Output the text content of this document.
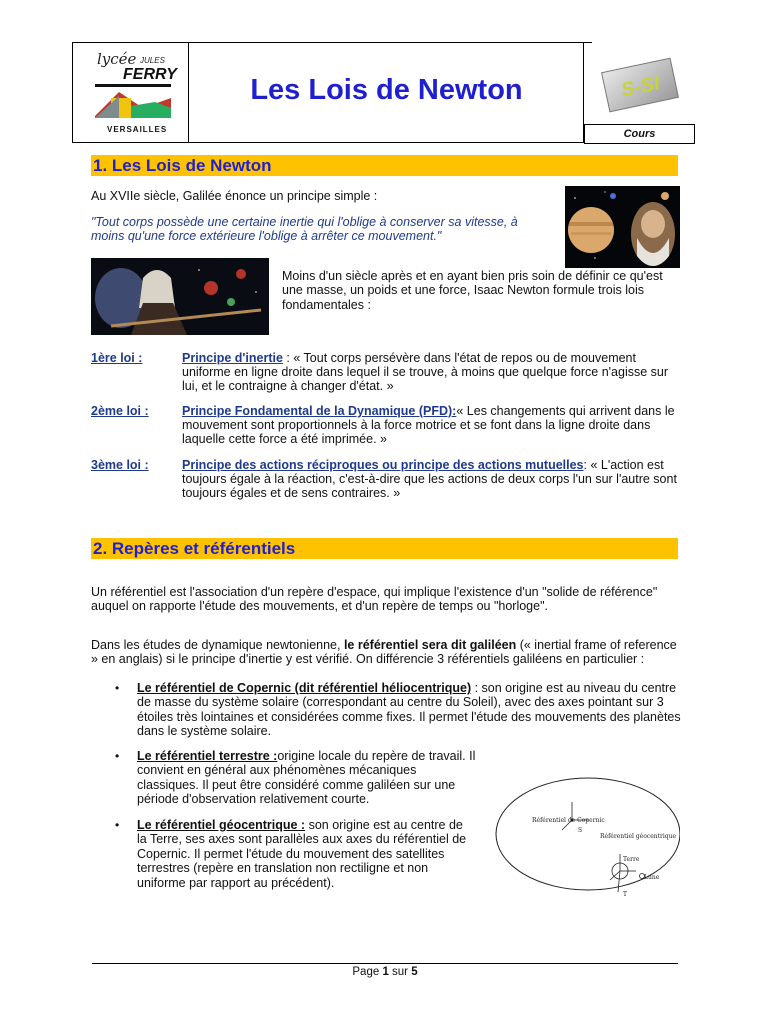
lycée JULES
FERRY
VERSAILLES
Les Lois de Newton	S-SI
Cours
1. Les Lois de Newton
Au XVIIe siècle, Galilée énonce un principe simple :
"Tout corps possède une certaine inertie qui l'oblige à conserver sa vitesse, à moins qu'une force extérieure l'oblige à arrêter ce mouvement."
Moins d'un siècle après et en ayant bien pris soin de définir ce qu'est une masse, un poids et une force, Isaac Newton formule trois lois fondamentales :
1ère loi :	Principe d'inertie : « Tout corps persévère dans l'état de repos ou de mouvement uniforme en ligne droite dans lequel il se trouve, à moins que quelque force n'agisse sur lui, et le contraigne à changer d'état. »
2ème loi :	Principe Fondamental de la Dynamique (PFD):« Les changements qui arrivent dans le mouvement sont proportionnels à la force motrice et se font dans la ligne droite dans laquelle cette force a été imprimée. »
3ème loi :	Principe des actions réciproques ou principe des actions mutuelles: « L'action est toujours égale à la réaction, c'est-à-dire que les actions de deux corps l'un sur l'autre sont toujours égales et de sens contraires. »
2. Repères et référentiels
Un référentiel est l'association d'un repère d'espace, qui implique l'existence d'un "solide de référence" auquel on rapporte l'étude des mouvements, et d'un repère de temps ou "horloge".
Dans les études de dynamique newtonienne, le référentiel sera dit galiléen (« inertial frame of reference » en anglais) si le principe d'inertie y est vérifié. On différencie 3 référentiels galiléens en particulier :
• Le référentiel de Copernic (dit référentiel héliocentrique) : son origine est au niveau du centre de masse du système solaire (correspondant au centre du Soleil), avec des axes pointant sur 3 étoiles très lointaines et considérées comme fixes. Il permet l'étude des mouvements des planètes dans le système solaire.
• Le référentiel terrestre :origine locale du repère de travail. Il convient en général aux phénomènes mécaniques classiques. Il peut être considéré comme galiléen sur une période d'observation relativement courte.
• Le référentiel géocentrique : son origine est au centre de la Terre, ses axes sont parallèles aux axes du référentiel de Copernic. Il permet l'étude du mouvement des satellites terrestres (repère en translation non rectiligne et non uniforme par rapport au précédent).
Référentiel de Copernic
S
Référentiel géocentrique
Terre
Lune
T
Page 1 sur 5
